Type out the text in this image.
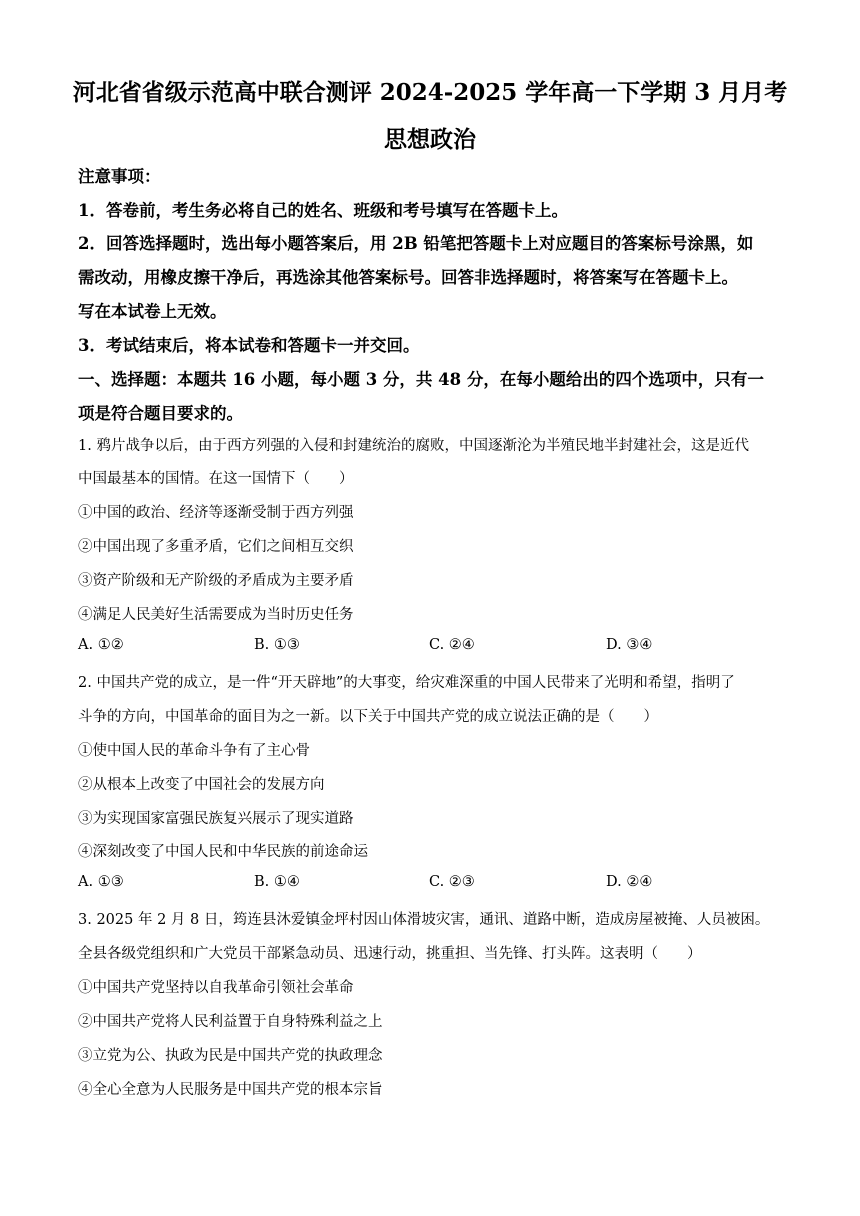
河北省省级示范高中联合测评 2024-2025 学年高一下学期 3 月月考
思想政治
注意事项：
1．答卷前，考生务必将自己的姓名、班级和考号填写在答题卡上。
2．回答选择题时，选出每小题答案后，用 2B 铅笔把答题卡上对应题目的答案标号涂黑，如
需改动，用橡皮擦干净后，再选涂其他答案标号。回答非选择题时，将答案写在答题卡上。
写在本试卷上无效。
3．考试结束后，将本试卷和答题卡一并交回。
一、选择题：本题共 16 小题，每小题 3 分，共 48 分，在每小题给出的四个选项中，只有一
项是符合题目要求的。
1. 鸦片战争以后，由于西方列强的入侵和封建统治的腐败，中国逐渐沦为半殖民地半封建社会，这是近代
中国最基本的国情。在这一国情下（　　）
①中国的政治、经济等逐渐受制于西方列强
②中国出现了多重矛盾，它们之间相互交织
③资产阶级和无产阶级的矛盾成为主要矛盾
④满足人民美好生活需要成为当时历史任务
A. ①②	B. ①③	C. ②④	D. ③④
2. 中国共产党的成立，是一件“开天辟地”的大事变，给灾难深重的中国人民带来了光明和希望，指明了
斗争的方向，中国革命的面目为之一新。以下关于中国共产党的成立说法正确的是（　　）
①使中国人民的革命斗争有了主心骨
②从根本上改变了中国社会的发展方向
③为实现国家富强民族复兴展示了现实道路
④深刻改变了中国人民和中华民族的前途命运
A. ①③	B. ①④	C. ②③	D. ②④
3. 2025 年 2 月 8 日，筠连县沐爱镇金坪村因山体滑坡灾害，通讯、道路中断，造成房屋被掩、人员被困。
全县各级党组织和广大党员干部紧急动员、迅速行动，挑重担、当先锋、打头阵。这表明（　　）
①中国共产党坚持以自我革命引领社会革命
②中国共产党将人民利益置于自身特殊利益之上
③立党为公、执政为民是中国共产党的执政理念
④全心全意为人民服务是中国共产党的根本宗旨
